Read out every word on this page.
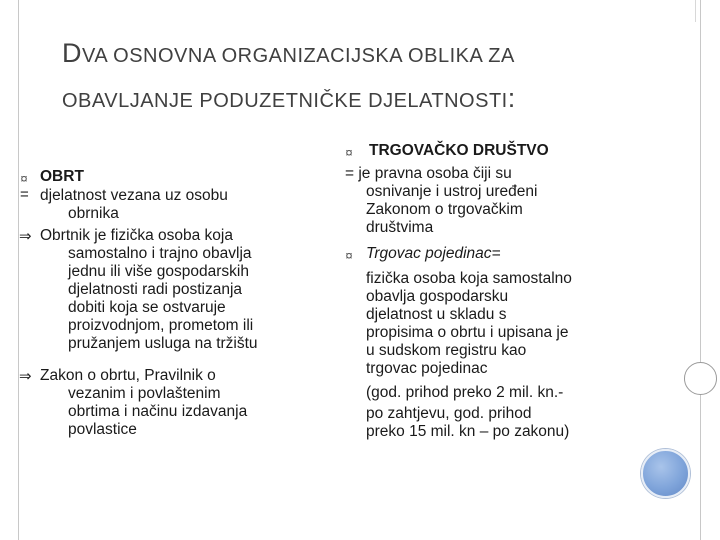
DVA OSNOVNA ORGANIZACIJSKA OBLIKA ZA
OBAVLJANJE PODUZETNIČKE DJELATNOSTI:
¤ OBRT
= djelatnost vezana uz osobu
obrnika
⇒ Obrtnik je fizička osoba koja
samostalno i trajno obavlja
jednu ili više gospodarskih
djelatnosti radi postizanja
dobiti koja se ostvaruje
proizvodnjom, prometom ili
pružanjem usluga na tržištu
⇒ Zakon o obrtu, Pravilnik o
vezanim i povlaštenim
obrtima i načinu izdavanja
povlastice
¤ TRGOVAČKO DRUŠTVO
= je pravna osoba čiji su
osnivanje i ustroj uređeni
Zakonom o trgovačkim
društvima
¤ Trgovac pojedinac=
fizička osoba koja samostalno
obavlja gospodarsku
djelatnost u skladu s
propisima o obrtu i upisana je
u sudskom registru kao
trgovac pojedinac
(god. prihod preko 2 mil. kn.-
po zahtjevu, god. prihod
preko 15 mil. kn – po zakonu)
